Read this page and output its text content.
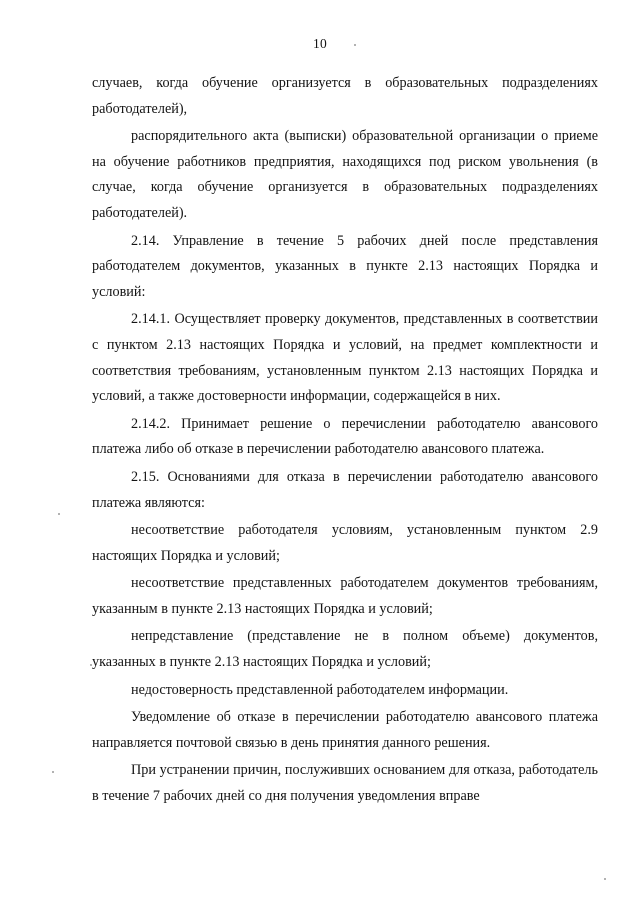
10

случаев, когда обучение организуется в образовательных подразделениях работодателей),

распорядительного акта (выписки) образовательной организации о приеме на обучение работников предприятия, находящихся под риском увольнения (в случае, когда обучение организуется в образовательных подразделениях работодателей).

2.14. Управление в течение 5 рабочих дней после представления работодателем документов, указанных в пункте 2.13 настоящих Порядка и условий:

2.14.1. Осуществляет проверку документов, представленных в соответствии с пунктом 2.13 настоящих Порядка и условий, на предмет комплектности и соответствия требованиям, установленным пунктом 2.13 настоящих Порядка и условий, а также достоверности информации, содержащейся в них.

2.14.2. Принимает решение о перечислении работодателю авансового платежа либо об отказе в перечислении работодателю авансового платежа.

2.15. Основаниями для отказа в перечислении работодателю авансового платежа являются:

несоответствие работодателя условиям, установленным пунктом 2.9 настоящих Порядка и условий;

несоответствие представленных работодателем документов требованиям, указанным в пункте 2.13 настоящих Порядка и условий;

непредставление (представление не в полном объеме) документов, указанных в пункте 2.13 настоящих Порядка и условий;

недостоверность представленной работодателем информации.

Уведомление об отказе в перечислении работодателю авансового платежа направляется почтовой связью в день принятия данного решения.

При устранении причин, послуживших основанием для отказа, работодатель в течение 7 рабочих дней со дня получения уведомления вправе
